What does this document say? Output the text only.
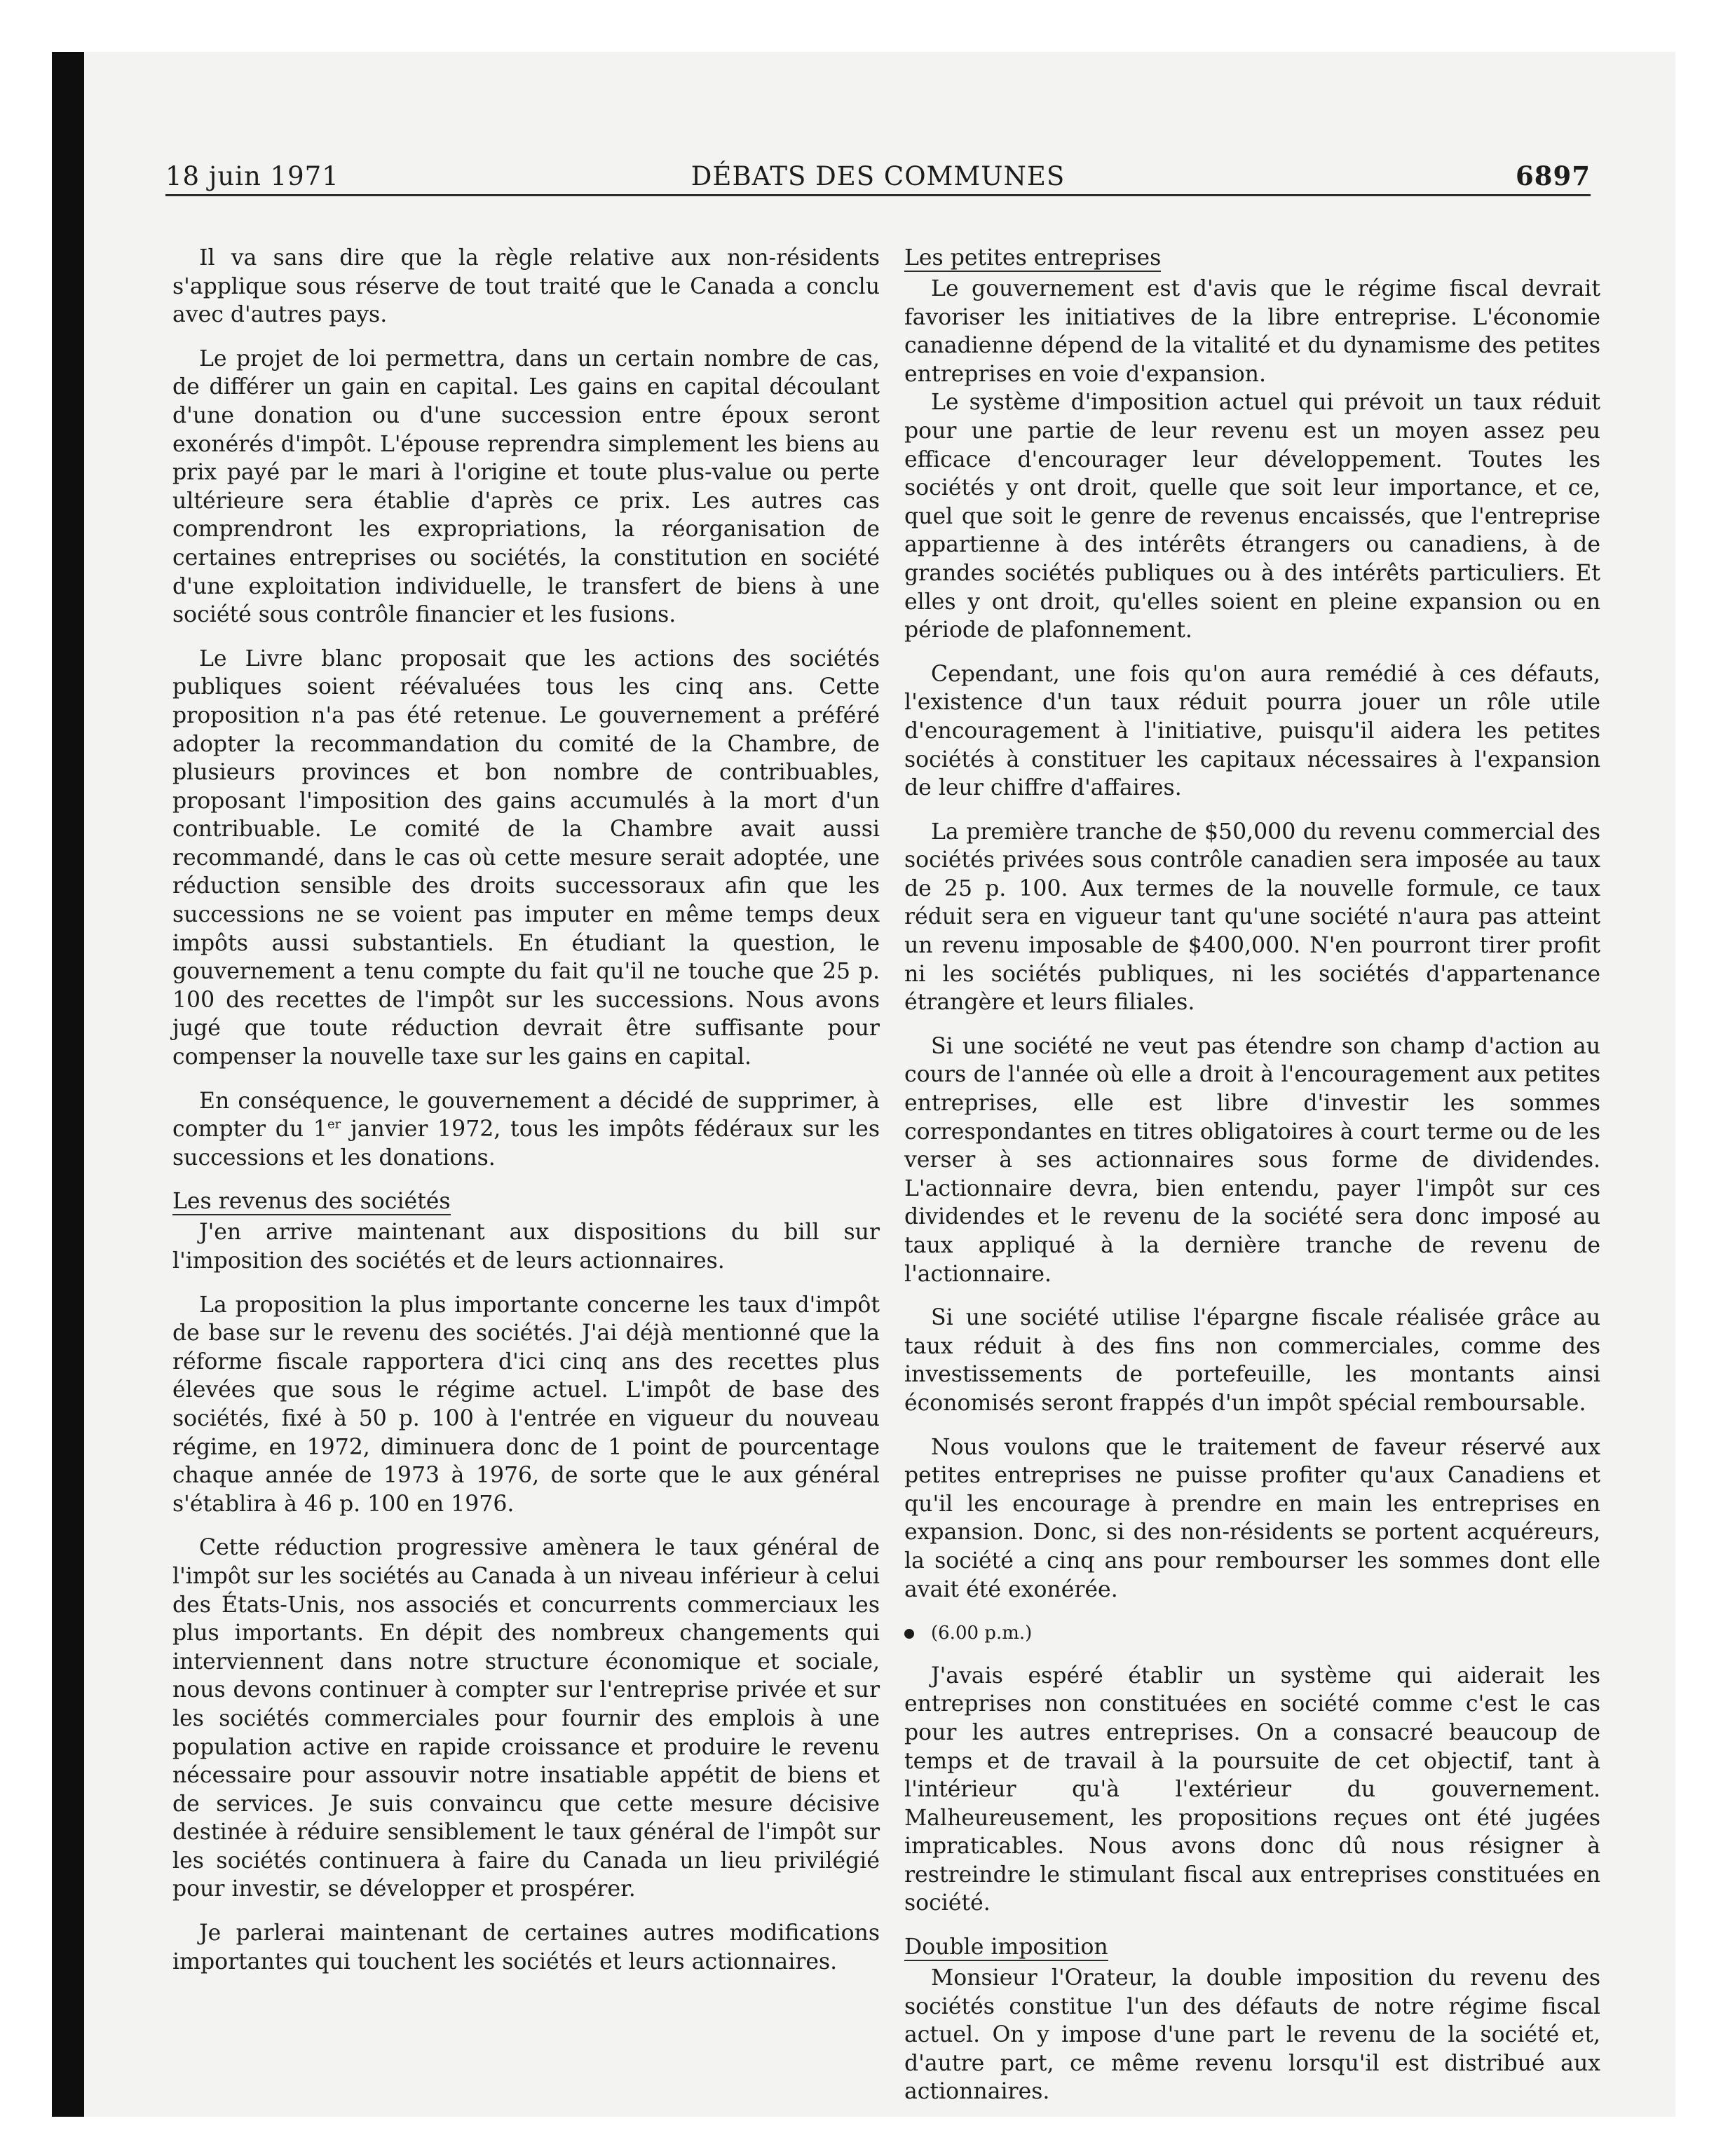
18 juin 1971	DÉBATS DES COMMUNES	6897

Il va sans dire que la règle relative aux non-résidents s'applique sous réserve de tout traité que le Canada a conclu avec d'autres pays.

Le projet de loi permettra, dans un certain nombre de cas, de différer un gain en capital. Les gains en capital découlant d'une donation ou d'une succession entre époux seront exonérés d'impôt. L'épouse reprendra simplement les biens au prix payé par le mari à l'origine et toute plus-value ou perte ultérieure sera établie d'après ce prix. Les autres cas comprendront les expropriations, la réorganisation de certaines entreprises ou sociétés, la constitution en société d'une exploitation individuelle, le transfert de biens à une société sous contrôle financier et les fusions.

Le Livre blanc proposait que les actions des sociétés publiques soient réévaluées tous les cinq ans. Cette proposition n'a pas été retenue. Le gouvernement a préféré adopter la recommandation du comité de la Chambre, de plusieurs provinces et bon nombre de contribuables, proposant l'imposition des gains accumulés à la mort d'un contribuable. Le comité de la Chambre avait aussi recommandé, dans le cas où cette mesure serait adoptée, une réduction sensible des droits successoraux afin que les successions ne se voient pas imputer en même temps deux impôts aussi substantiels. En étudiant la question, le gouvernement a tenu compte du fait qu'il ne touche que 25 p. 100 des recettes de l'impôt sur les successions. Nous avons jugé que toute réduction devrait être suffisante pour compenser la nouvelle taxe sur les gains en capital.

En conséquence, le gouvernement a décidé de supprimer, à compter du 1er janvier 1972, tous les impôts fédéraux sur les successions et les donations.

Les revenus des sociétés

J'en arrive maintenant aux dispositions du bill sur l'imposition des sociétés et de leurs actionnaires.

La proposition la plus importante concerne les taux d'impôt de base sur le revenu des sociétés. J'ai déjà mentionné que la réforme fiscale rapportera d'ici cinq ans des recettes plus élevées que sous le régime actuel. L'impôt de base des sociétés, fixé à 50 p. 100 à l'entrée en vigueur du nouveau régime, en 1972, diminuera donc de 1 point de pourcentage chaque année de 1973 à 1976, de sorte que le aux général s'établira à 46 p. 100 en 1976.

Cette réduction progressive amènera le taux général de l'impôt sur les sociétés au Canada à un niveau inférieur à celui des États-Unis, nos associés et concurrents commerciaux les plus importants. En dépit des nombreux changements qui interviennent dans notre structure économique et sociale, nous devons continuer à compter sur l'entreprise privée et sur les sociétés commerciales pour fournir des emplois à une population active en rapide croissance et produire le revenu nécessaire pour assouvir notre insatiable appétit de biens et de services. Je suis convaincu que cette mesure décisive destinée à réduire sensiblement le taux général de l'impôt sur les sociétés continuera à faire du Canada un lieu privilégié pour investir, se développer et prospérer.

Je parlerai maintenant de certaines autres modifications importantes qui touchent les sociétés et leurs actionnaires.

Les petites entreprises

Le gouvernement est d'avis que le régime fiscal devrait favoriser les initiatives de la libre entreprise. L'économie canadienne dépend de la vitalité et du dynamisme des petites entreprises en voie d'expansion.

Le système d'imposition actuel qui prévoit un taux réduit pour une partie de leur revenu est un moyen assez peu efficace d'encourager leur développement. Toutes les sociétés y ont droit, quelle que soit leur importance, et ce, quel que soit le genre de revenus encaissés, que l'entreprise appartienne à des intérêts étrangers ou canadiens, à de grandes sociétés publiques ou à des intérêts particuliers. Et elles y ont droit, qu'elles soient en pleine expansion ou en période de plafonnement.

Cependant, une fois qu'on aura remédié à ces défauts, l'existence d'un taux réduit pourra jouer un rôle utile d'encouragement à l'initiative, puisqu'il aidera les petites sociétés à constituer les capitaux nécessaires à l'expansion de leur chiffre d'affaires.

La première tranche de $50,000 du revenu commercial des sociétés privées sous contrôle canadien sera imposée au taux de 25 p. 100. Aux termes de la nouvelle formule, ce taux réduit sera en vigueur tant qu'une société n'aura pas atteint un revenu imposable de $400,000. N'en pourront tirer profit ni les sociétés publiques, ni les sociétés d'appartenance étrangère et leurs filiales.

Si une société ne veut pas étendre son champ d'action au cours de l'année où elle a droit à l'encouragement aux petites entreprises, elle est libre d'investir les sommes correspondantes en titres obligatoires à court terme ou de les verser à ses actionnaires sous forme de dividendes. L'actionnaire devra, bien entendu, payer l'impôt sur ces dividendes et le revenu de la société sera donc imposé au taux appliqué à la dernière tranche de revenu de l'actionnaire.

Si une société utilise l'épargne fiscale réalisée grâce au taux réduit à des fins non commerciales, comme des investissements de portefeuille, les montants ainsi économisés seront frappés d'un impôt spécial remboursable.

Nous voulons que le traitement de faveur réservé aux petites entreprises ne puisse profiter qu'aux Canadiens et qu'il les encourage à prendre en main les entreprises en expansion. Donc, si des non-résidents se portent acquéreurs, la société a cinq ans pour rembourser les sommes dont elle avait été exonérée.

(6.00 p.m.)

J'avais espéré établir un système qui aiderait les entreprises non constituées en société comme c'est le cas pour les autres entreprises. On a consacré beaucoup de temps et de travail à la poursuite de cet objectif, tant à l'intérieur qu'à l'extérieur du gouvernement. Malheureusement, les propositions reçues ont été jugées impraticables. Nous avons donc dû nous résigner à restreindre le stimulant fiscal aux entreprises constituées en société.

Double imposition

Monsieur l'Orateur, la double imposition du revenu des sociétés constitue l'un des défauts de notre régime fiscal actuel. On y impose d'une part le revenu de la société et, d'autre part, ce même revenu lorsqu'il est distribué aux actionnaires.
